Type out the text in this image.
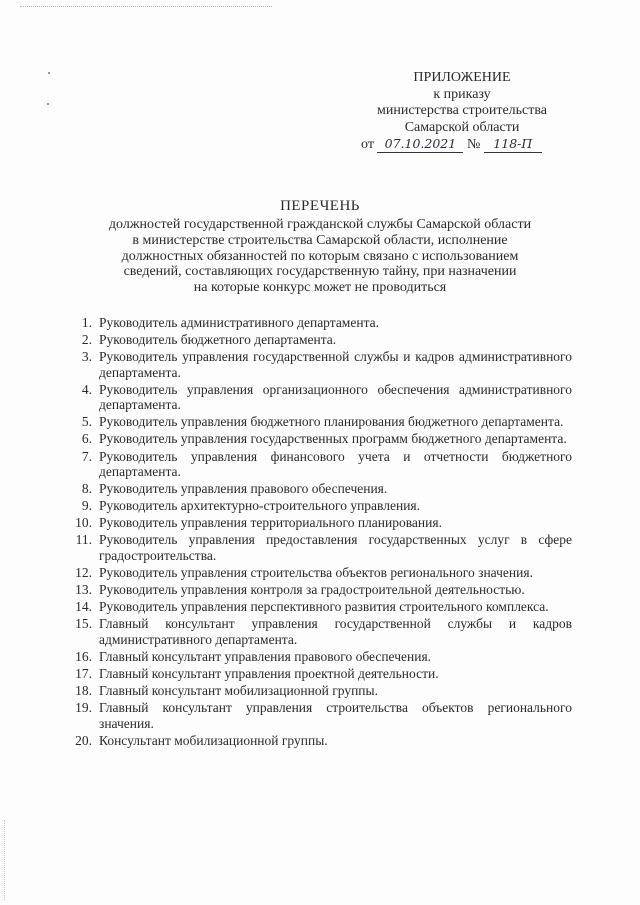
ПРИЛОЖЕНИЕ
к приказу
министерства строительства
Самарской области
от 07.10.2021 № 118-П
ПЕРЕЧЕНЬ
должностей государственной гражданской службы Самарской области
в министерстве строительства Самарской области, исполнение
должностных обязанностей по которым связано с использованием
сведений, составляющих государственную тайну, при назначении
на которые конкурс может не проводиться
1. Руководитель административного департамента.
2. Руководитель бюджетного департамента.
3. Руководитель управления государственной службы и кадров административного департамента.
4. Руководитель управления организационного обеспечения административного департамента.
5. Руководитель управления бюджетного планирования бюджетного департамента.
6. Руководитель управления государственных программ бюджетного департамента.
7. Руководитель управления финансового учета и отчетности бюджетного департамента.
8. Руководитель управления правового обеспечения.
9. Руководитель архитектурно-строительного управления.
10. Руководитель управления территориального планирования.
11. Руководитель управления предоставления государственных услуг в сфере градостроительства.
12. Руководитель управления строительства объектов регионального значения.
13. Руководитель управления контроля за градостроительной деятельностью.
14. Руководитель управления перспективного развития строительного комплекса.
15. Главный консультант управления государственной службы и кадров административного департамента.
16. Главный консультант управления правового обеспечения.
17. Главный консультант управления проектной деятельности.
18. Главный консультант мобилизационной группы.
19. Главный консультант управления строительства объектов регионального значения.
20. Консультант мобилизационной группы.
